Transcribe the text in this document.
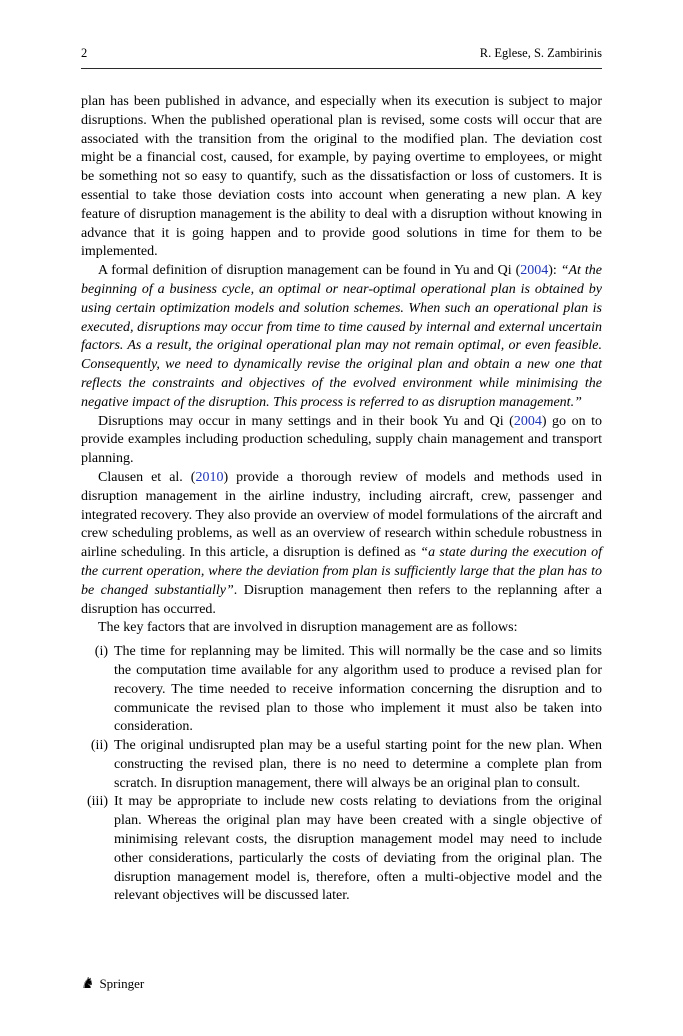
2	R. Eglese, S. Zambirinis

plan has been published in advance, and especially when its execution is subject to major disruptions. When the published operational plan is revised, some costs will occur that are associated with the transition from the original to the modified plan. The deviation cost might be a financial cost, caused, for example, by paying overtime to employees, or might be something not so easy to quantify, such as the dissatisfaction or loss of customers. It is essential to take those deviation costs into account when generating a new plan. A key feature of disruption management is the ability to deal with a disruption without knowing in advance that it is going happen and to provide good solutions in time for them to be implemented.

A formal definition of disruption management can be found in Yu and Qi (2004): “At the beginning of a business cycle, an optimal or near-optimal operational plan is obtained by using certain optimization models and solution schemes. When such an operational plan is executed, disruptions may occur from time to time caused by internal and external uncertain factors. As a result, the original operational plan may not remain optimal, or even feasible. Consequently, we need to dynamically revise the original plan and obtain a new one that reflects the constraints and objectives of the evolved environment while minimising the negative impact of the disruption. This process is referred to as disruption management.”

Disruptions may occur in many settings and in their book Yu and Qi (2004) go on to provide examples including production scheduling, supply chain management and transport planning.

Clausen et al. (2010) provide a thorough review of models and methods used in disruption management in the airline industry, including aircraft, crew, passenger and integrated recovery. They also provide an overview of model formulations of the aircraft and crew scheduling problems, as well as an overview of research within schedule robustness in airline scheduling. In this article, a disruption is defined as “a state during the execution of the current operation, where the deviation from plan is sufficiently large that the plan has to be changed substantially”. Disruption management then refers to the replanning after a disruption has occurred.

The key factors that are involved in disruption management are as follows:

(i) The time for replanning may be limited. This will normally be the case and so limits the computation time available for any algorithm used to produce a revised plan for recovery. The time needed to receive information concerning the disruption and to communicate the revised plan to those who implement it must also be taken into consideration.
(ii) The original undisrupted plan may be a useful starting point for the new plan. When constructing the revised plan, there is no need to determine a complete plan from scratch. In disruption management, there will always be an original plan to consult.
(iii) It may be appropriate to include new costs relating to deviations from the original plan. Whereas the original plan may have been created with a single objective of minimising relevant costs, the disruption management model may need to include other considerations, particularly the costs of deviating from the original plan. The disruption management model is, therefore, often a multi-objective model and the relevant objectives will be discussed later.
♞ Springer
